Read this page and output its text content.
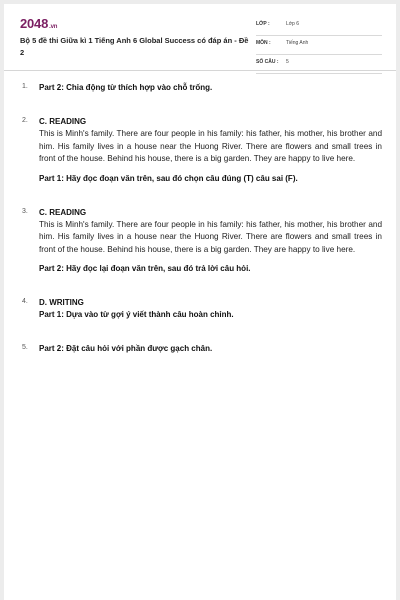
2048.vn
Bộ 5 đề thi Giữa kì 1 Tiếng Anh 6 Global Success có đáp án - Đề 2
LỚP :	Lớp 6
MÔN :	Tiếng Anh
SỐ CÂU : 5
1. Part 2: Chia động từ thích hợp vào chỗ trống.
2. C. READING
This is Minh's family. There are four people in his family: his father, his mother, his brother and him. His family lives in a house near the Huong River. There are flowers and small trees in front of the house. Behind his house, there is a big garden. They are happy to live here.
Part 1: Hãy đọc đoạn văn trên, sau đó chọn câu đúng (T) câu sai (F).
3. C. READING
This is Minh's family. There are four people in his family: his father, his mother, his brother and him. His family lives in a house near the Huong River. There are flowers and small trees in front of the house. Behind his house, there is a big garden. They are happy to live here.
Part 2: Hãy đọc lại đoạn văn trên, sau đó trả lời câu hỏi.
4. D. WRITING
Part 1: Dựa vào từ gợi ý viết thành câu hoàn chỉnh.
5. Part 2: Đặt câu hỏi với phần được gạch chân.
